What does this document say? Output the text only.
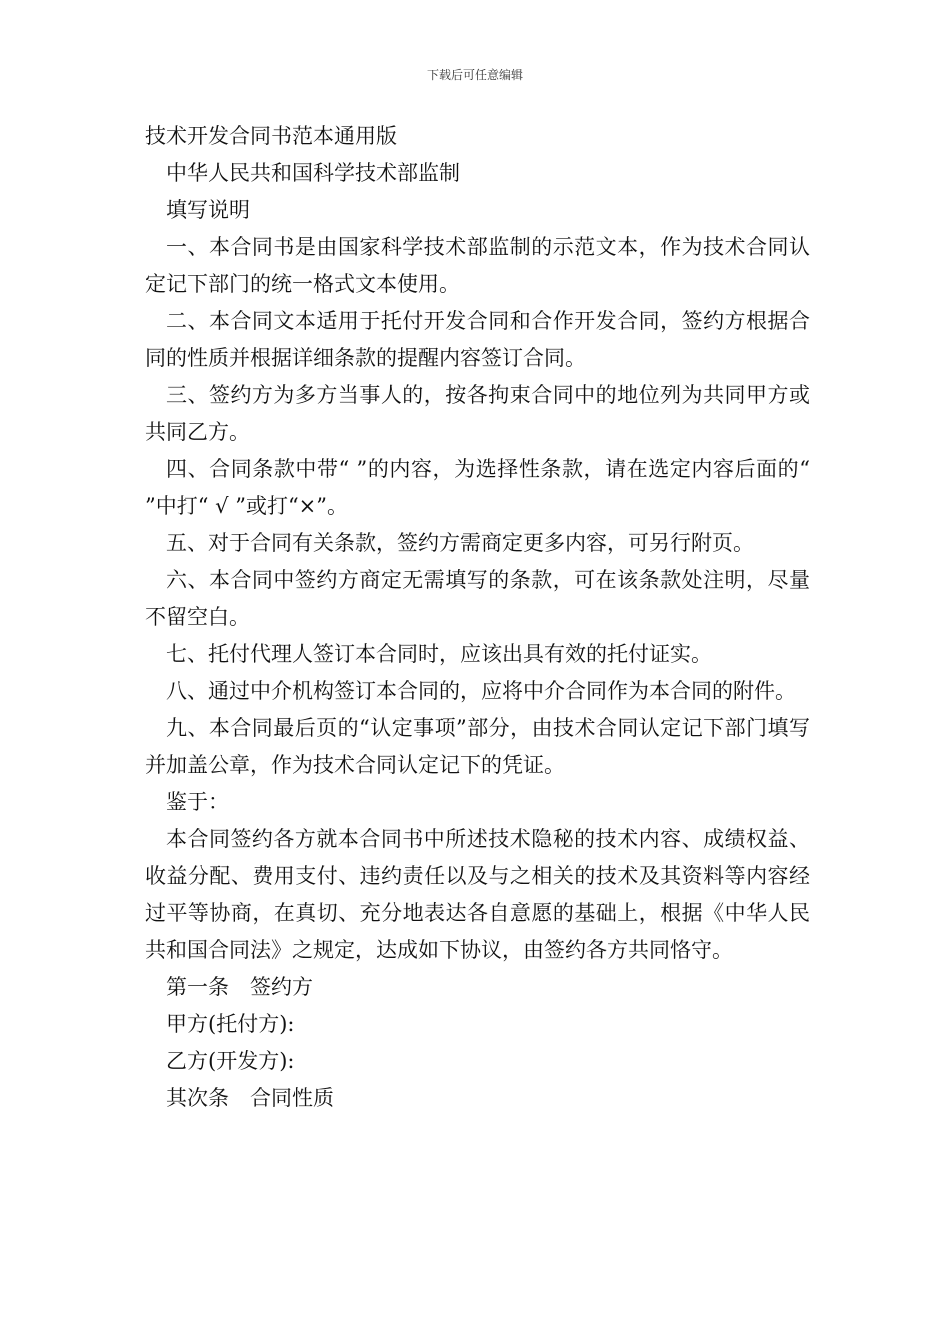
下载后可任意编辑

技术开发合同书范本通用版

中华人民共和国科学技术部监制

填写说明

一、本合同书是由国家科学技术部监制的示范文本，作为技术合同认定记下部门的统一格式文本使用。

二、本合同文本适用于托付开发合同和合作开发合同，签约方根据合同的性质并根据详细条款的提醒内容签订合同。

三、签约方为多方当事人的，按各拘束合同中的地位列为共同甲方或共同乙方。

四、合同条款中带“ ”的内容，为选择性条款，请在选定内容后面的“ ”中打“ √ ”或打“×”。

五、对于合同有关条款，签约方需商定更多内容，可另行附页。

六、本合同中签约方商定无需填写的条款，可在该条款处注明，尽量不留空白。

七、托付代理人签订本合同时，应该出具有效的托付证实。

八、通过中介机构签订本合同的，应将中介合同作为本合同的附件。

九、本合同最后页的“认定事项”部分，由技术合同认定记下部门填写并加盖公章，作为技术合同认定记下的凭证。

鉴于：

本合同签约各方就本合同书中所述技术隐秘的技术内容、成绩权益、收益分配、费用支付、违约责任以及与之相关的技术及其资料等内容经过平等协商，在真切、充分地表达各自意愿的基础上，根据《中华人民共和国合同法》之规定，达成如下协议，由签约各方共同恪守。

第一条　签约方

甲方(托付方):

乙方(开发方):

其次条　合同性质
